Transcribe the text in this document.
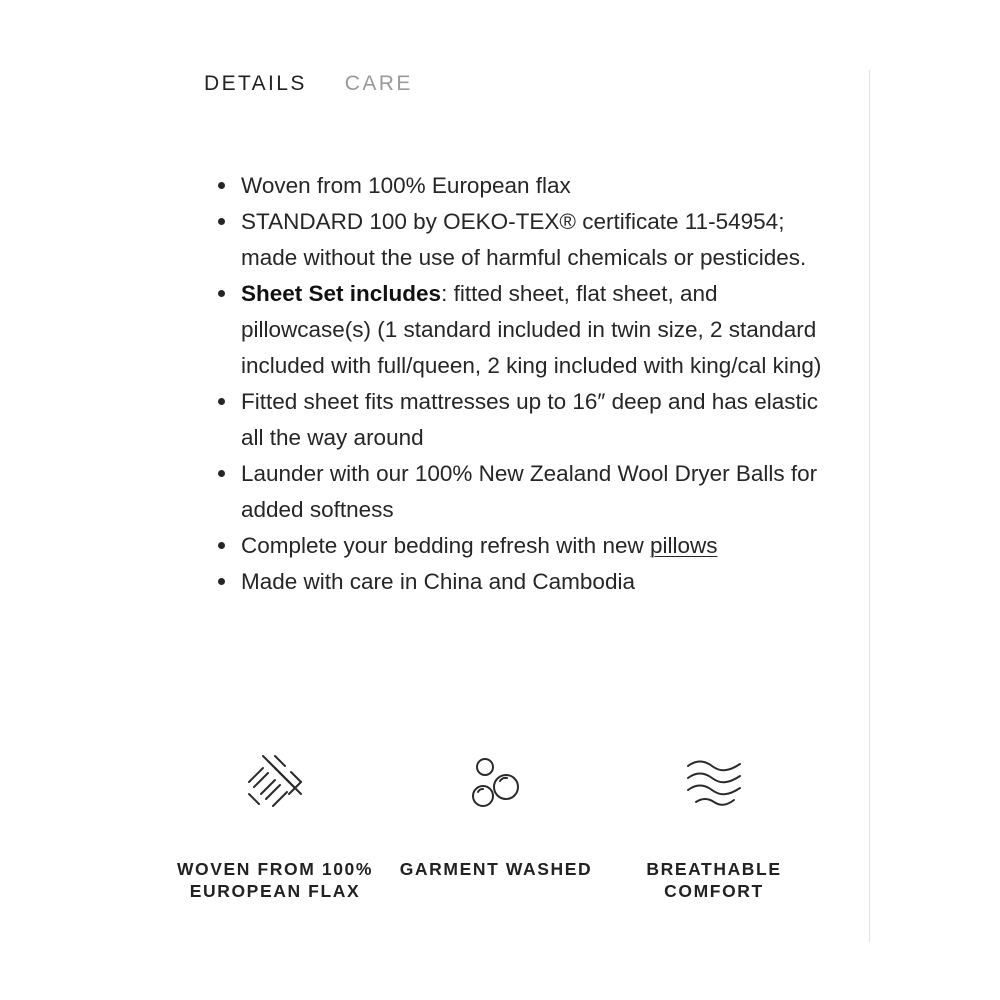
DETAILS CARE
Woven from 100% European flax
STANDARD 100 by OEKO-TEX® certificate 11-54954; made without the use of harmful chemicals or pesticides.
Sheet Set includes: fitted sheet, flat sheet, and pillowcase(s) (1 standard included in twin size, 2 standard included with full/queen, 2 king included with king/cal king)
Fitted sheet fits mattresses up to 16″ deep and has elastic all the way around
Launder with our 100% New Zealand Wool Dryer Balls for added softness
Complete your bedding refresh with new pillows
Made with care in China and Cambodia
WOVEN FROM 100%
EUROPEAN FLAX
GARMENT WASHED	BREATHABLE
COMFORT
